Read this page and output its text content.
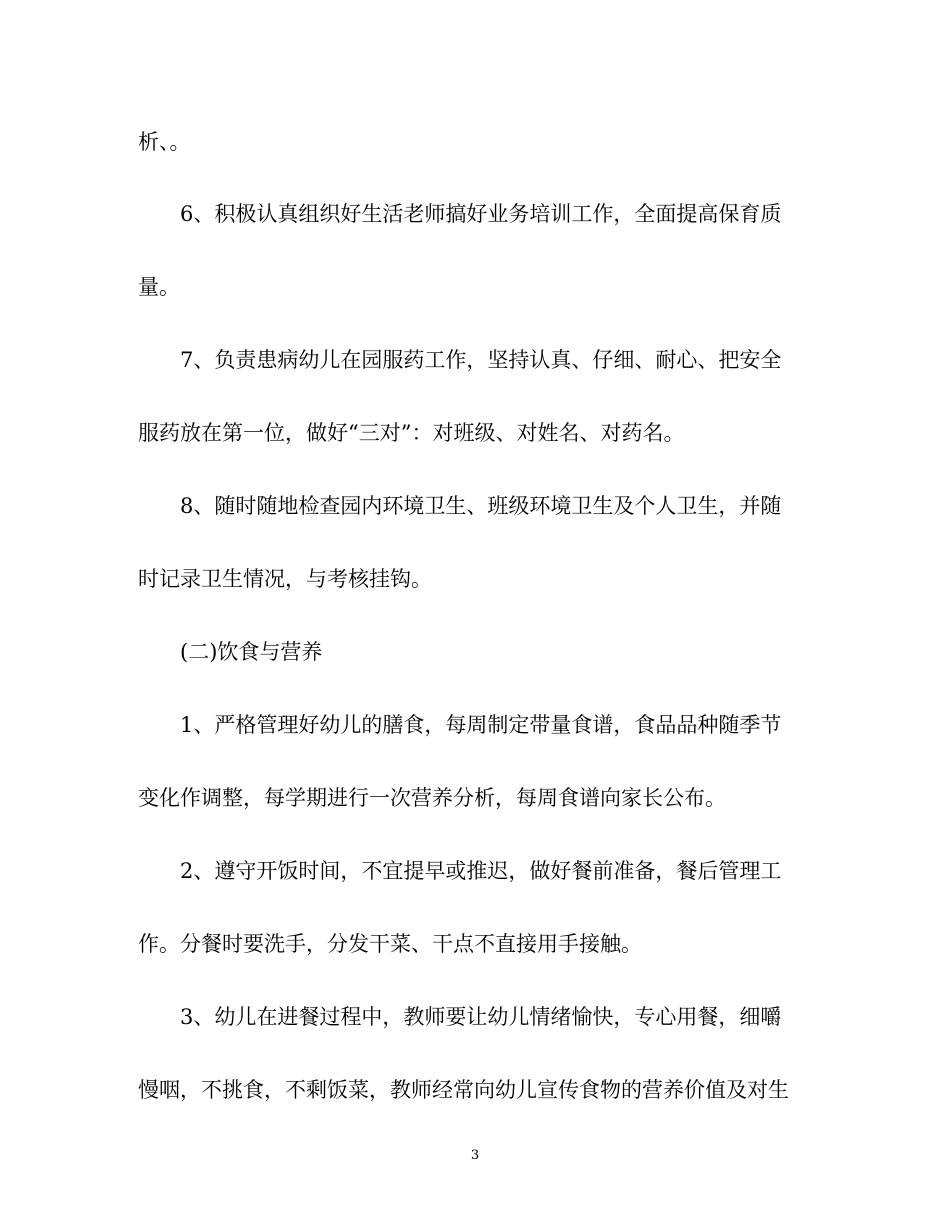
析、。
6、积极认真组织好生活老师搞好业务培训工作，全面提高保育质
量。
7、负责患病幼儿在园服药工作，坚持认真、仔细、耐心、把安全
服药放在第一位，做好“三对”：对班级、对姓名、对药名。
8、随时随地检查园内环境卫生、班级环境卫生及个人卫生，并随
时记录卫生情况，与考核挂钩。
(二)饮食与营养
1、严格管理好幼儿的膳食，每周制定带量食谱，食品品种随季节
变化作调整，每学期进行一次营养分析，每周食谱向家长公布。
2、遵守开饭时间，不宜提早或推迟，做好餐前准备，餐后管理工
作。分餐时要洗手，分发干菜、干点不直接用手接触。
3、幼儿在进餐过程中，教师要让幼儿情绪愉快，专心用餐，细嚼
慢咽，不挑食，不剩饭菜，教师经常向幼儿宣传食物的营养价值及对生
3
